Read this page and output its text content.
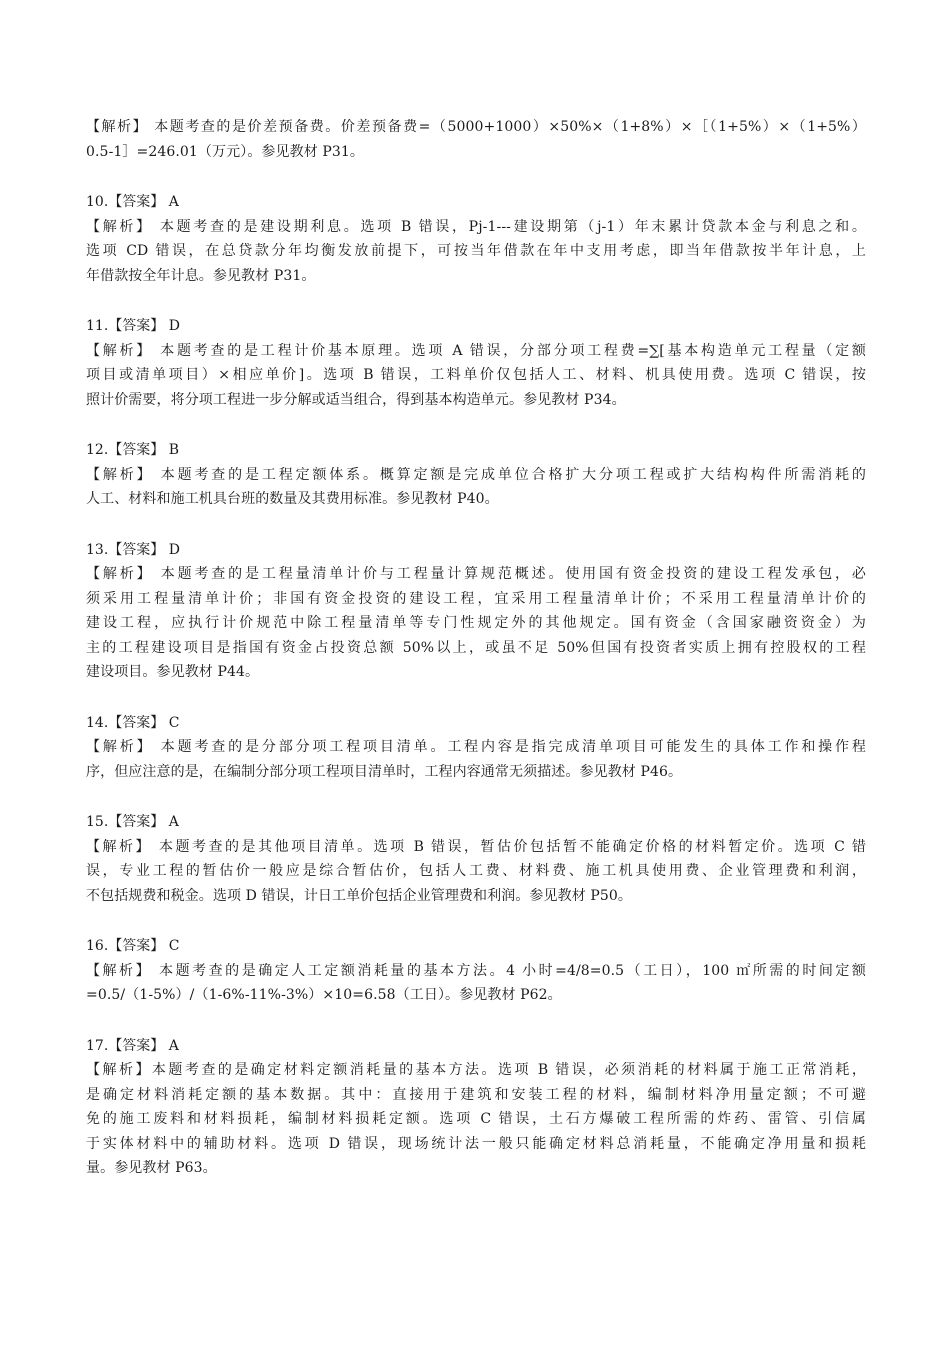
【解析】 本题考查的是价差预备费。价差预备费=（5000+1000）×50%×（1+8%）×［（1+5%）×（1+5%）
0.5-1］=246.01（万元）。参见教材 P31。
10.【答案】 A
【解析】 本题考查的是建设期利息。选项 B 错误，Pj-1---建设期第（j-1）年末累计贷款本金与利息之和。
选项 CD 错误，在总贷款分年均衡发放前提下，可按当年借款在年中支用考虑，即当年借款按半年计息，上
年借款按全年计息。参见教材 P31。
11.【答案】 D
【解析】 本题考查的是工程计价基本原理。选项 A 错误，分部分项工程费=∑[基本构造单元工程量（定额
项目或清单项目）×相应单价]。选项 B 错误，工料单价仅包括人工、材料、机具使用费。选项 C 错误，按
照计价需要，将分项工程进一步分解或适当组合，得到基本构造单元。参见教材 P34。
12.【答案】 B
【解析】 本题考查的是工程定额体系。概算定额是完成单位合格扩大分项工程或扩大结构构件所需消耗的
人工、材料和施工机具台班的数量及其费用标准。参见教材 P40。
13.【答案】 D
【解析】 本题考查的是工程量清单计价与工程量计算规范概述。使用国有资金投资的建设工程发承包，必
须采用工程量清单计价；非国有资金投资的建设工程，宜采用工程量清单计价；不采用工程量清单计价的
建设工程，应执行计价规范中除工程量清单等专门性规定外的其他规定。国有资金（含国家融资资金）为
主的工程建设项目是指国有资金占投资总额 50%以上，或虽不足 50%但国有投资者实质上拥有控股权的工程
建设项目。参见教材 P44。
14.【答案】 C
【解析】 本题考查的是分部分项工程项目清单。工程内容是指完成清单项目可能发生的具体工作和操作程
序，但应注意的是，在编制分部分项工程项目清单时，工程内容通常无须描述。参见教材 P46。
15.【答案】 A
【解析】 本题考查的是其他项目清单。选项 B 错误，暂估价包括暂不能确定价格的材料暂定价。选项 C 错
误，专业工程的暂估价一般应是综合暂估价，包括人工费、材料费、施工机具使用费、企业管理费和利润，
不包括规费和税金。选项 D 错误，计日工单价包括企业管理费和利润。参见教材 P50。
16.【答案】 C
【解析】 本题考查的是确定人工定额消耗量的基本方法。4 小时=4/8=0.5（工日），100 ㎡所需的时间定额
=0.5/（1-5%）/（1-6%-11%-3%）×10=6.58（工日）。参见教材 P62。
17.【答案】 A
【解析】本题考查的是确定材料定额消耗量的基本方法。选项 B 错误，必须消耗的材料属于施工正常消耗，
是确定材料消耗定额的基本数据。其中：直接用于建筑和安装工程的材料，编制材料净用量定额；不可避
免的施工废料和材料损耗，编制材料损耗定额。选项 C 错误，土石方爆破工程所需的炸药、雷管、引信属
于实体材料中的辅助材料。选项 D 错误，现场统计法一般只能确定材料总消耗量，不能确定净用量和损耗
量。参见教材 P63。
